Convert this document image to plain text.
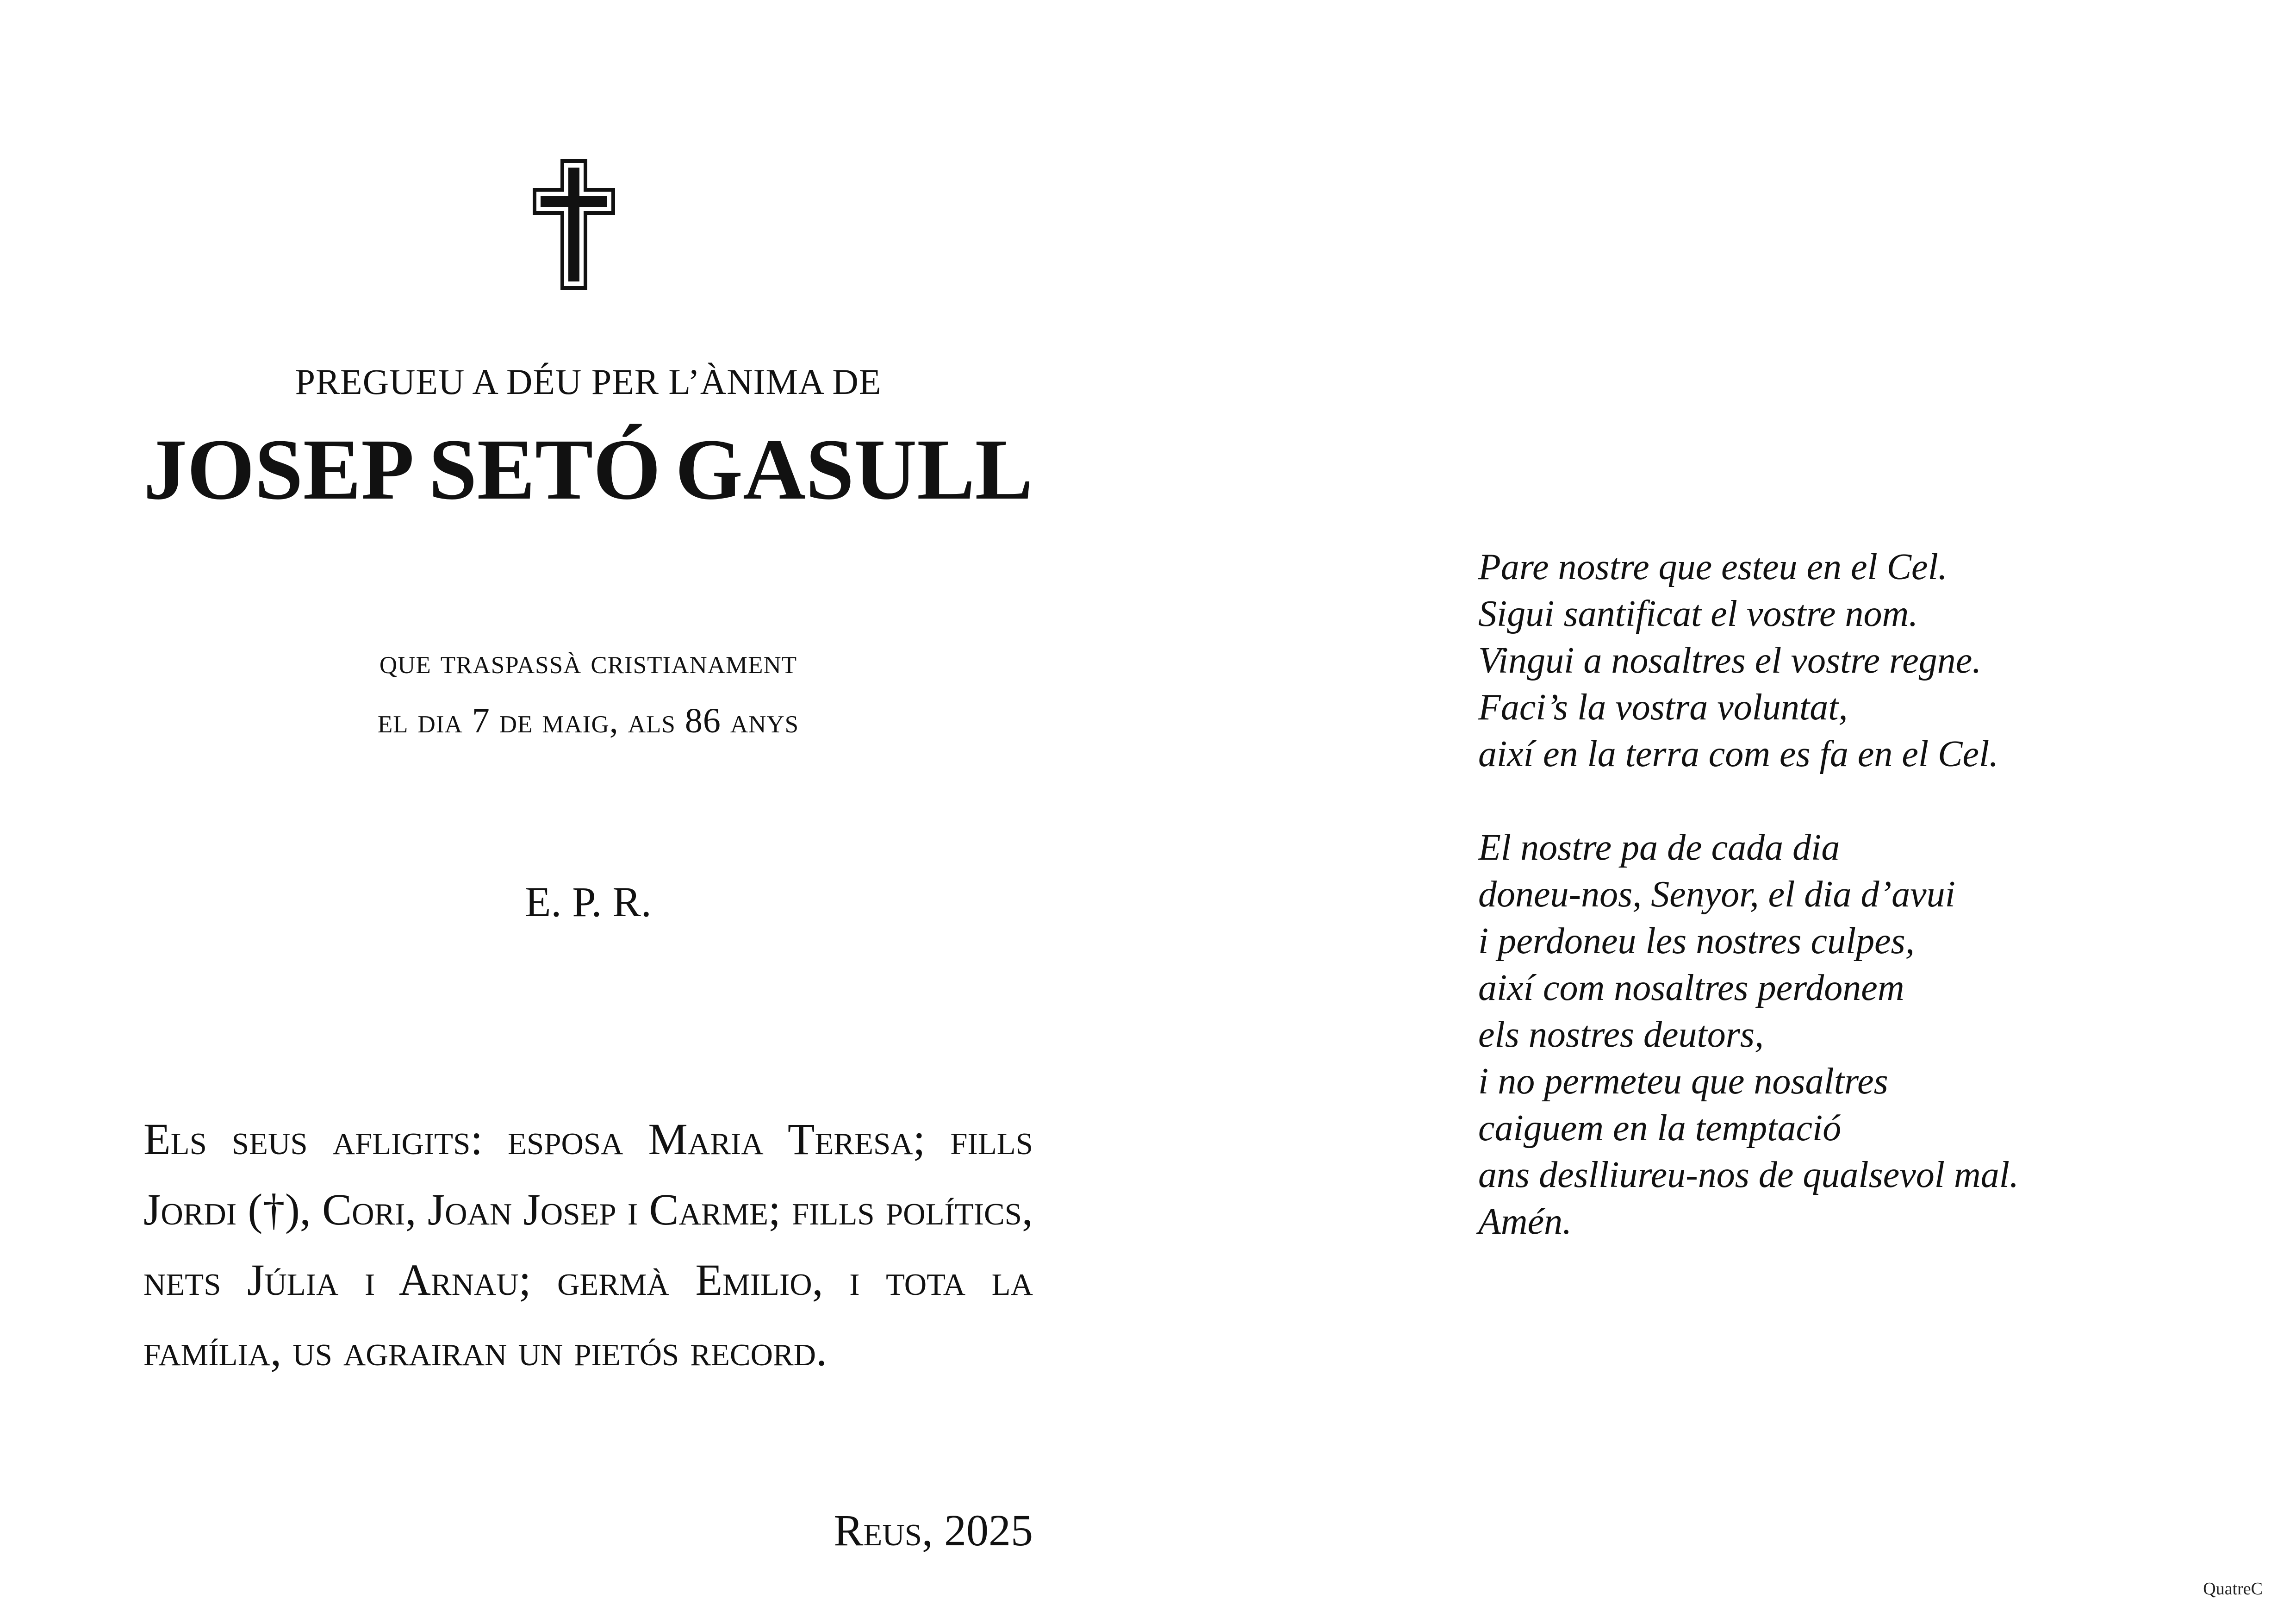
PREGUEU A DÉU PER L’ÀNIMA DE
JOSEP SETÓ GASULL
que traspassà cristianament
el dia 7 de maig, als 86 anys
E. P. R.
Els seus afligits: esposa Maria Teresa; fills Jordi (†), Cori, Joan Josep i Carme; fills polítics, nets Júlia i Arnau; germà Emilio, i tota la família, us agrairan un pietós record.
Reus, 2025
Pare nostre que esteu en el Cel.
Sigui santificat el vostre nom.
Vingui a nosaltres el vostre regne.
Faci’s la vostra voluntat,
així en la terra com es fa en el Cel.
El nostre pa de cada dia
doneu-nos, Senyor, el dia d’avui
i perdoneu les nostres culpes,
així com nosaltres perdonem
els nostres deutors,
i no permeteu que nosaltres
caiguem en la temptació
ans deslliureu-nos de qualsevol mal.
Amén.
QuatreC
